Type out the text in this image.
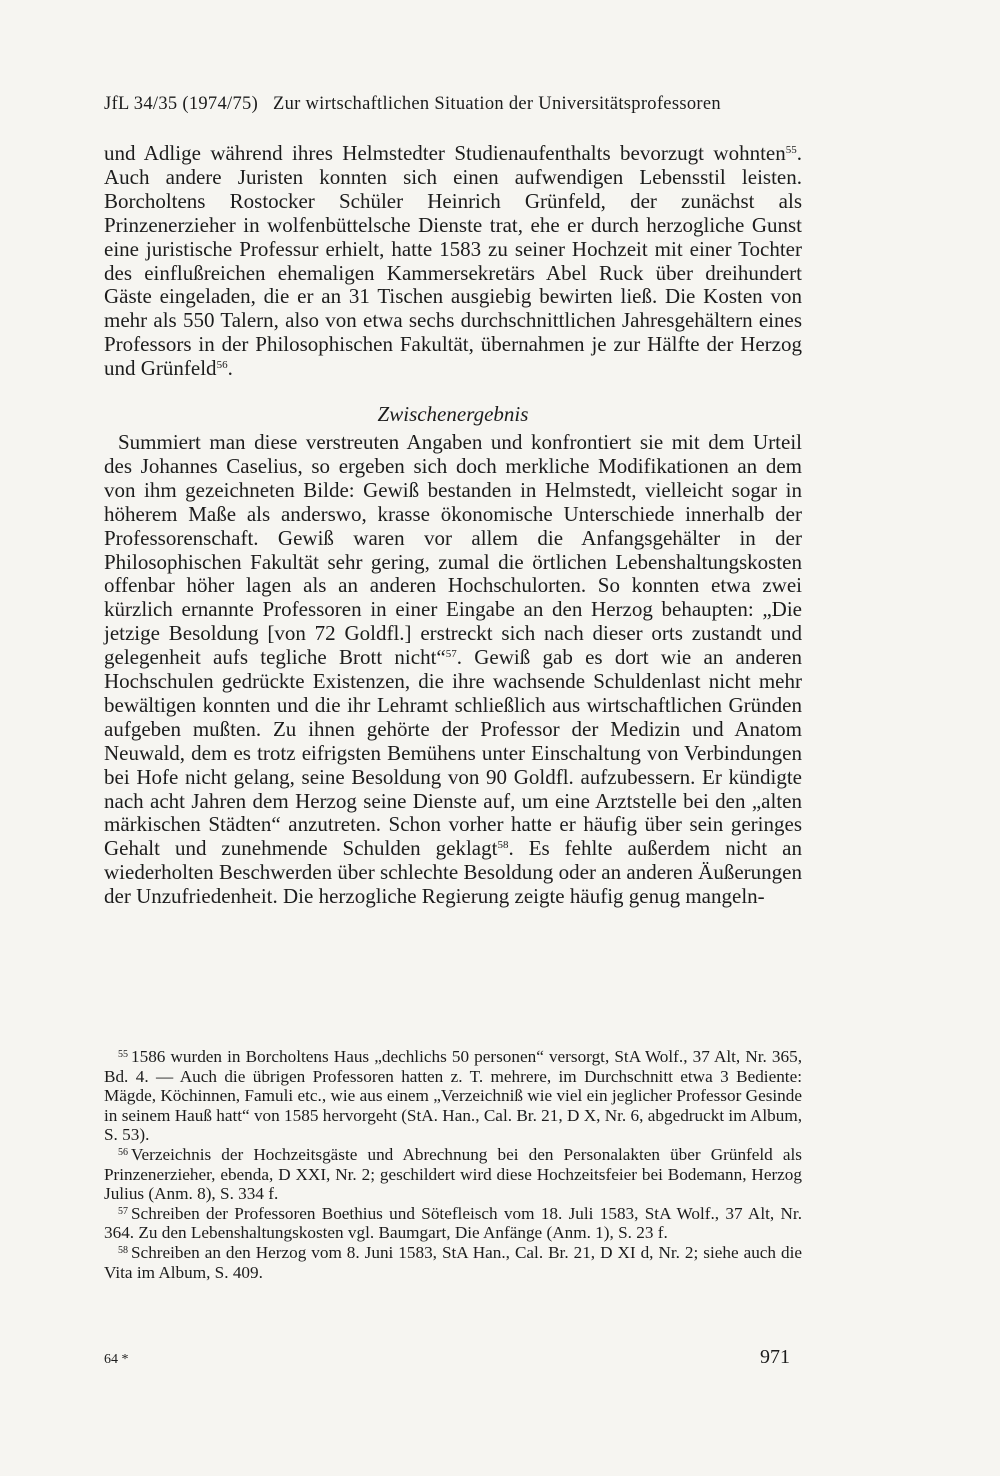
JfL 34/35 (1974/75) Zur wirtschaftlichen Situation der Universitätsprofessoren

und Adlige während ihres Helmstedter Studienaufenthalts bevorzugt wohnten$^{55}$. Auch andere Juristen konnten sich einen aufwendigen Lebensstil leisten. Borcholtens Rostocker Schüler Heinrich Grünfeld, der zunächst als Prinzenerzieher in wolfenbüttelsche Dienste trat, ehe er durch herzogliche Gunst eine juristische Professur erhielt, hatte 1583 zu seiner Hochzeit mit einer Tochter des einflußreichen ehemaligen Kammersekretärs Abel Ruck über dreihundert Gäste eingeladen, die er an 31 Tischen ausgiebig bewirten ließ. Die Kosten von mehr als 550 Talern, also von etwa sechs durchschnittlichen Jahresgehältern eines Professors in der Philosophischen Fakultät, übernahmen je zur Hälfte der Herzog und Grünfeld$^{56}$.

Zwischenergebnis

Summiert man diese verstreuten Angaben und konfrontiert sie mit dem Urteil des Johannes Caselius, so ergeben sich doch merkliche Modifikationen an dem von ihm gezeichneten Bilde: Gewiß bestanden in Helmstedt, vielleicht sogar in höherem Maße als anderswo, krasse ökonomische Unterschiede innerhalb der Professorenschaft. Gewiß waren vor allem die Anfangsgehälter in der Philosophischen Fakultät sehr gering, zumal die örtlichen Lebenshaltungskosten offenbar höher lagen als an anderen Hochschulorten. So konnten etwa zwei kürzlich ernannte Professoren in einer Eingabe an den Herzog behaupten: „Die jetzige Besoldung [von 72 Goldfl.] erstreckt sich nach dieser orts zustandt und gelegenheit aufs tegliche Brott nicht“$^{57}$. Gewiß gab es dort wie an anderen Hochschulen gedrückte Existenzen, die ihre wachsende Schuldenlast nicht mehr bewältigen konnten und die ihr Lehramt schließlich aus wirtschaftlichen Gründen aufgeben mußten. Zu ihnen gehörte der Professor der Medizin und Anatom Neuwald, dem es trotz eifrigsten Bemühens unter Einschaltung von Verbindungen bei Hofe nicht gelang, seine Besoldung von 90 Goldfl. aufzubessern. Er kündigte nach acht Jahren dem Herzog seine Dienste auf, um eine Arztstelle bei den „alten märkischen Städten“ anzutreten. Schon vorher hatte er häufig über sein geringes Gehalt und zunehmende Schulden geklagt$^{58}$. Es fehlte außerdem nicht an wiederholten Beschwerden über schlechte Besoldung oder an anderen Äußerungen der Unzufriedenheit. Die herzogliche Regierung zeigte häufig genug mangeln-

$^{55}$ 1586 wurden in Borcholtens Haus „dechlichs 50 personen“ versorgt, StA Wolf., 37 Alt, Nr. 365, Bd. 4. — Auch die übrigen Professoren hatten z. T. mehrere, im Durchschnitt etwa 3 Bediente: Mägde, Köchinnen, Famuli etc., wie aus einem „Verzeichniß wie viel ein jeglicher Professor Gesinde in seinem Hauß hatt“ von 1585 hervorgeht (StA. Han., Cal. Br. 21, D X, Nr. 6, abgedruckt im Album, S. 53).

$^{56}$ Verzeichnis der Hochzeitsgäste und Abrechnung bei den Personalakten über Grünfeld als Prinzenerzieher, ebenda, D XXI, Nr. 2; geschildert wird diese Hochzeitsfeier bei Bodemann, Herzog Julius (Anm. 8), S. 334 f.

$^{57}$ Schreiben der Professoren Boethius und Sötefleisch vom 18. Juli 1583, StA Wolf., 37 Alt, Nr. 364. Zu den Lebenshaltungskosten vgl. Baumgart, Die Anfänge (Anm. 1), S. 23 f.

$^{58}$ Schreiben an den Herzog vom 8. Juni 1583, StA Han., Cal. Br. 21, D XI d, Nr. 2; siehe auch die Vita im Album, S. 409.

64 *	971
